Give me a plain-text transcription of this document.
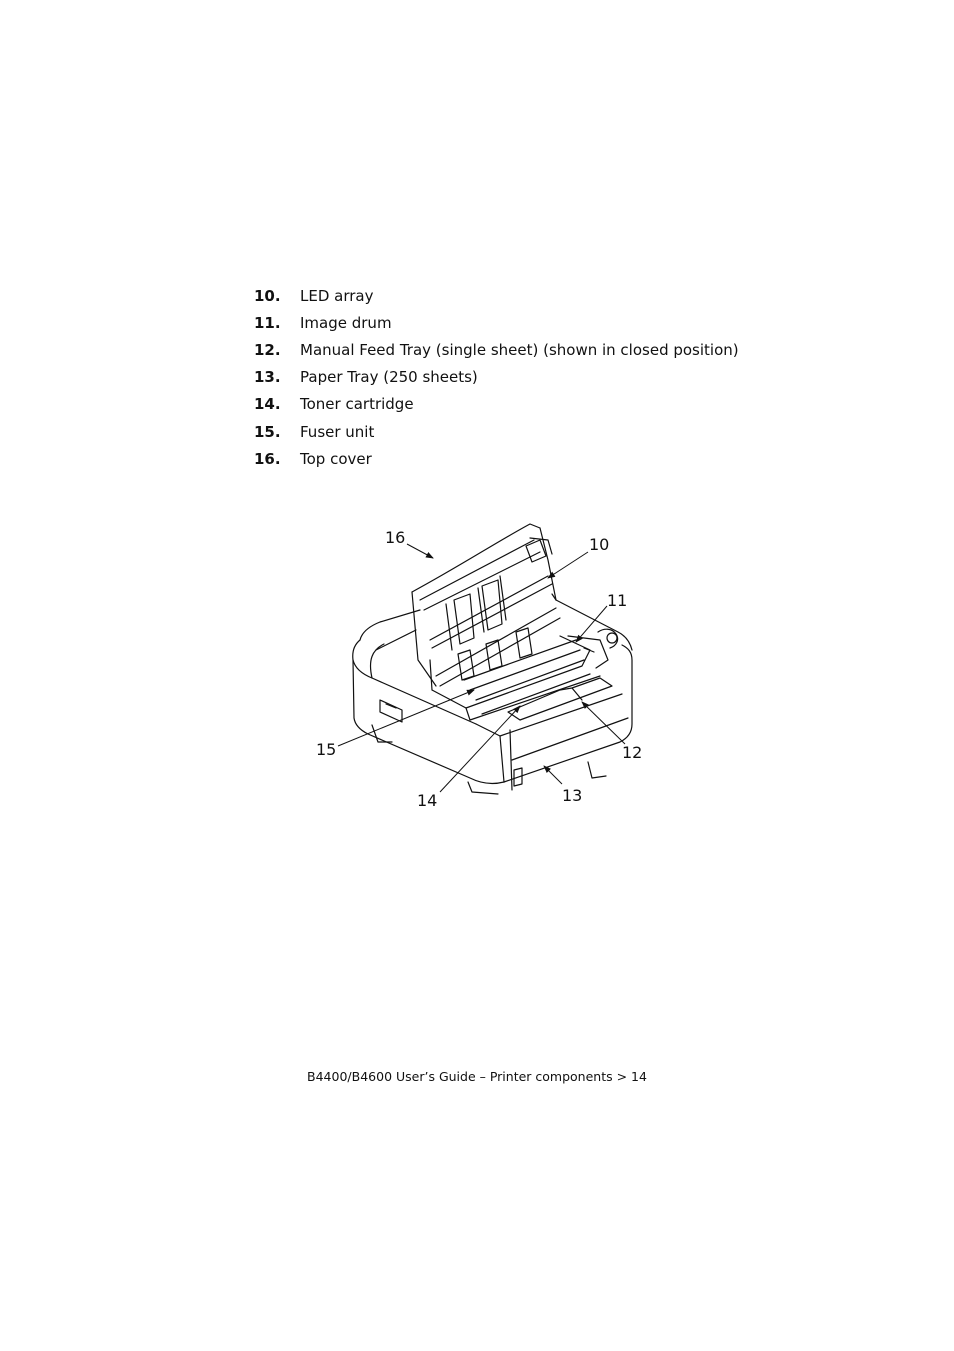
10.	LED array
11.	Image drum
12.	Manual Feed Tray (single sheet) (shown in closed position)
13.	Paper Tray (250 sheets)
14.	Toner cartridge
15.	Fuser unit
16.	Top cover
16	10
11
12
13
14
15
B4400/B4600 User’s Guide – Printer components > 14
